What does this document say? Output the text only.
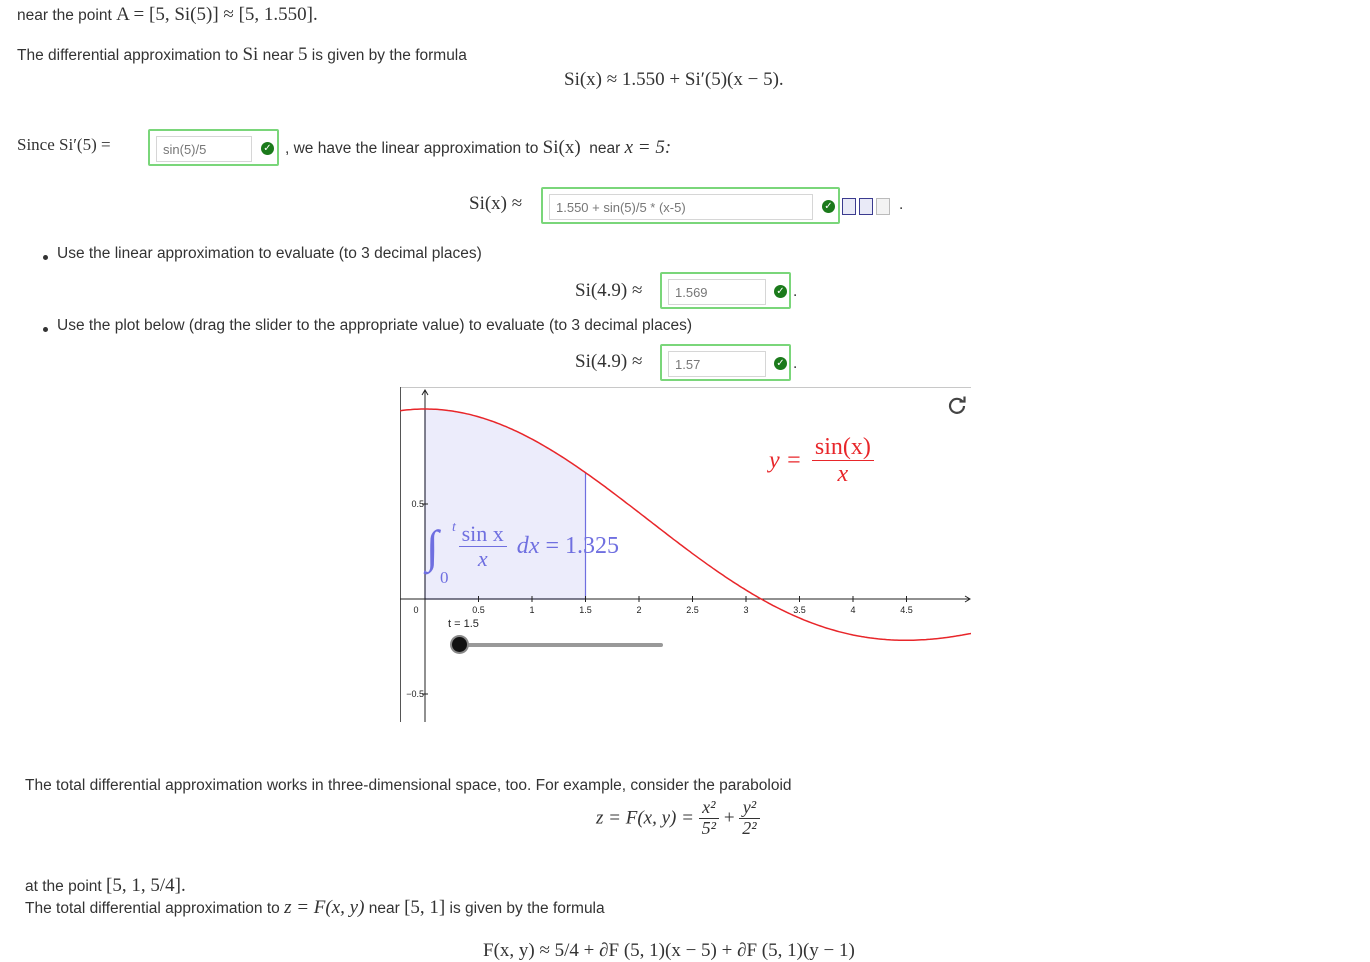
near the point A = [5, Si(5)] ≈ [5, 1.550].
The differential approximation to Si near 5 is given by the formula
Si(x) ≈ 1.550 + Si′(5)(x − 5).
Since Si′(5) =
sin(5)/5	✓ , we have the linear approximation to Si(x) near x = 5:
Si(x) ≈
1.550 + sin(5)/5 * (x-5)	✓	.
Use the linear approximation to evaluate (to 3 decimal places)
Si(4.9) ≈
1.569	✓ .
Use the plot below (drag the slider to the appropriate value) to evaluate (to 3 decimal places)
Si(4.9) ≈
1.57	✓ .
0.5	1	1.5	2	2.5	3	3.5	4	4.5
0.5
0
−0.5
$y = \frac{\sin(x)}{x}$
∫ t
0
$\frac{\text{sin x}}{x}$ dx = 1.325
t = 1.5
The total differential approximation works in three-dimensional space, too. For example, consider the paraboloid
z = F(x, $y) = \frac{\text{x²}}{\text{5²}} + \frac{\text{y²}}{\text{2²}}$
at the point [5, 1, 5/4].
The total differential approximation to z = F(x, y) near [5, 1] is given by the formula
F(x, y) ≈ 5/4 + ∂F (5, 1)(x − 5) + ∂F (5, 1)(y − 1)
